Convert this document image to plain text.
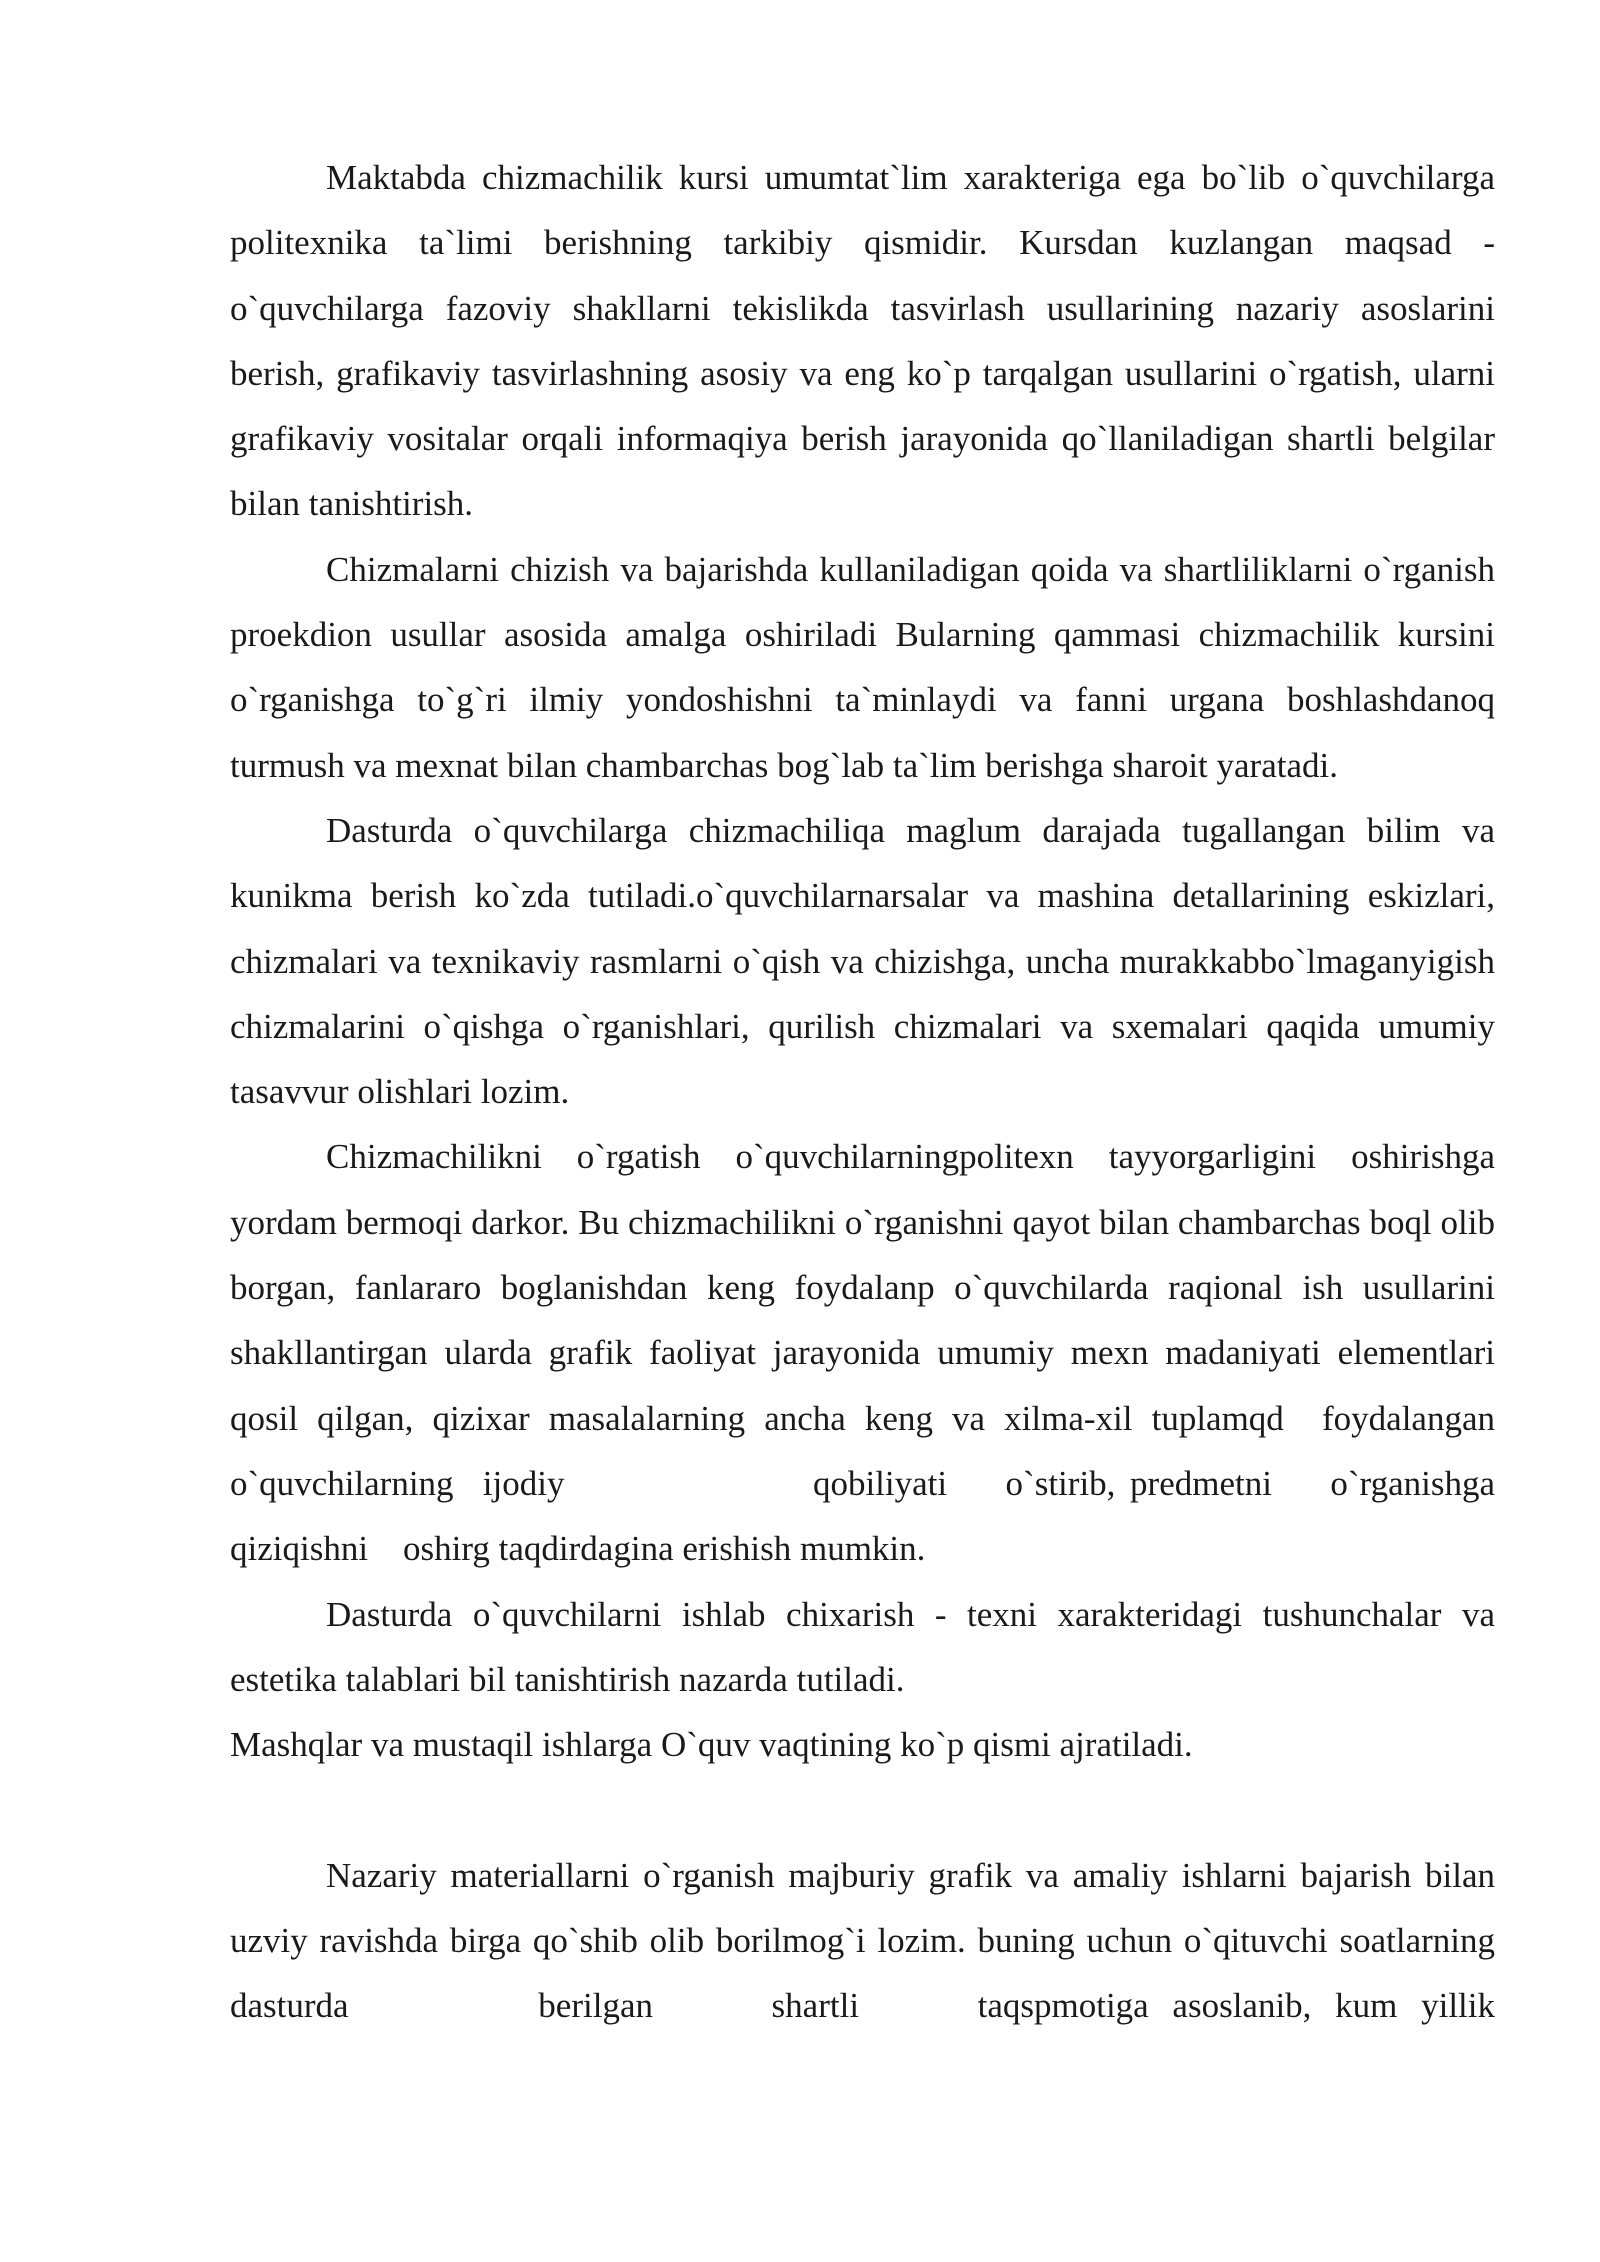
Maktabda chizmachilik kursi umumtat`lim xarakteriga ega bo`lib o`quvchilarga politexnika ta`limi berishning tarkibiy qismidir. Kursdan kuzlangan maqsad - o`quvchilarga fazoviy shakllarni tekislikda tasvirlash usullarining nazariy asoslarini berish, grafikaviy tasvirlashning asosiy va eng ko`p tarqalgan usullarini o`rgatish, ularni grafikaviy vositalar orqali informaqiya berish jarayonida qo`llaniladigan shartli belgilar bilan tanishtirish.

Chizmalarni chizish va bajarishda kullaniladigan qoida va shartliliklarni o`rganish proekdion usullar asosida amalga oshiriladi Bularning qammasi chizmachilik kursini o`rganishga to`g`ri ilmiy yondoshishni ta`minlaydi va fanni urgana boshlashdanoq turmush va mexnat bilan chambarchas bog`lab ta`lim berishga sharoit yaratadi.

Dasturda o`quvchilarga chizmachiliqa maglum darajada tugallangan bilim va kunikma berish ko`zda tutiladi.o`quvchilarnarsalar va mashina detallarining eskizlari, chizmalari va texnikaviy rasmlarni o`qish va chizishga, uncha murakkabbo`lmaganyigish chizmalarini o`qishga o`rganishlari, qurilish chizmalari va sxemalari qaqida umumiy tasavvur olishlari lozim.

Chizmachilikni o`rgatish o`quvchilarningpolitexn tayyorgarligini oshirishga yordam bermoqi darkor. Bu chizmachilikni o`rganishni qayot bilan chambarchas boql olib borgan, fanlararo boglanishdan keng foydalanp o`quvchilarda raqional ish usullarini shakllantirgan ularda grafik faoliyat jarayonida umumiy mexn madaniyati elementlari qosil qilgan, qizixar masalalarning ancha keng va xilma-xil tuplamqd  foydalangan     o`quvchilarning  ijodiy                 qobiliyati    o`stirib, predmetni    o`rganishga    qiziqishni    oshirg taqdirdagina erishish mumkin.

Dasturda o`quvchilarni ishlab chixarish - texni xarakteridagi tushunchalar va estetika talablari bil tanishtirish nazarda tutiladi.

Mashqlar va mustaqil ishlarga O`quv vaqtining ko`p qismi ajratiladi.

Nazariy materiallarni o`rganish majburiy grafik va amaliy ishlarni bajarish bilan uzviy ravishda birga qo`shib olib borilmog`i lozim. buning uchun o`qituvchi soatlarning     dasturda        berilgan     shartli     taqspmotiga asoslanib, kum yillik
